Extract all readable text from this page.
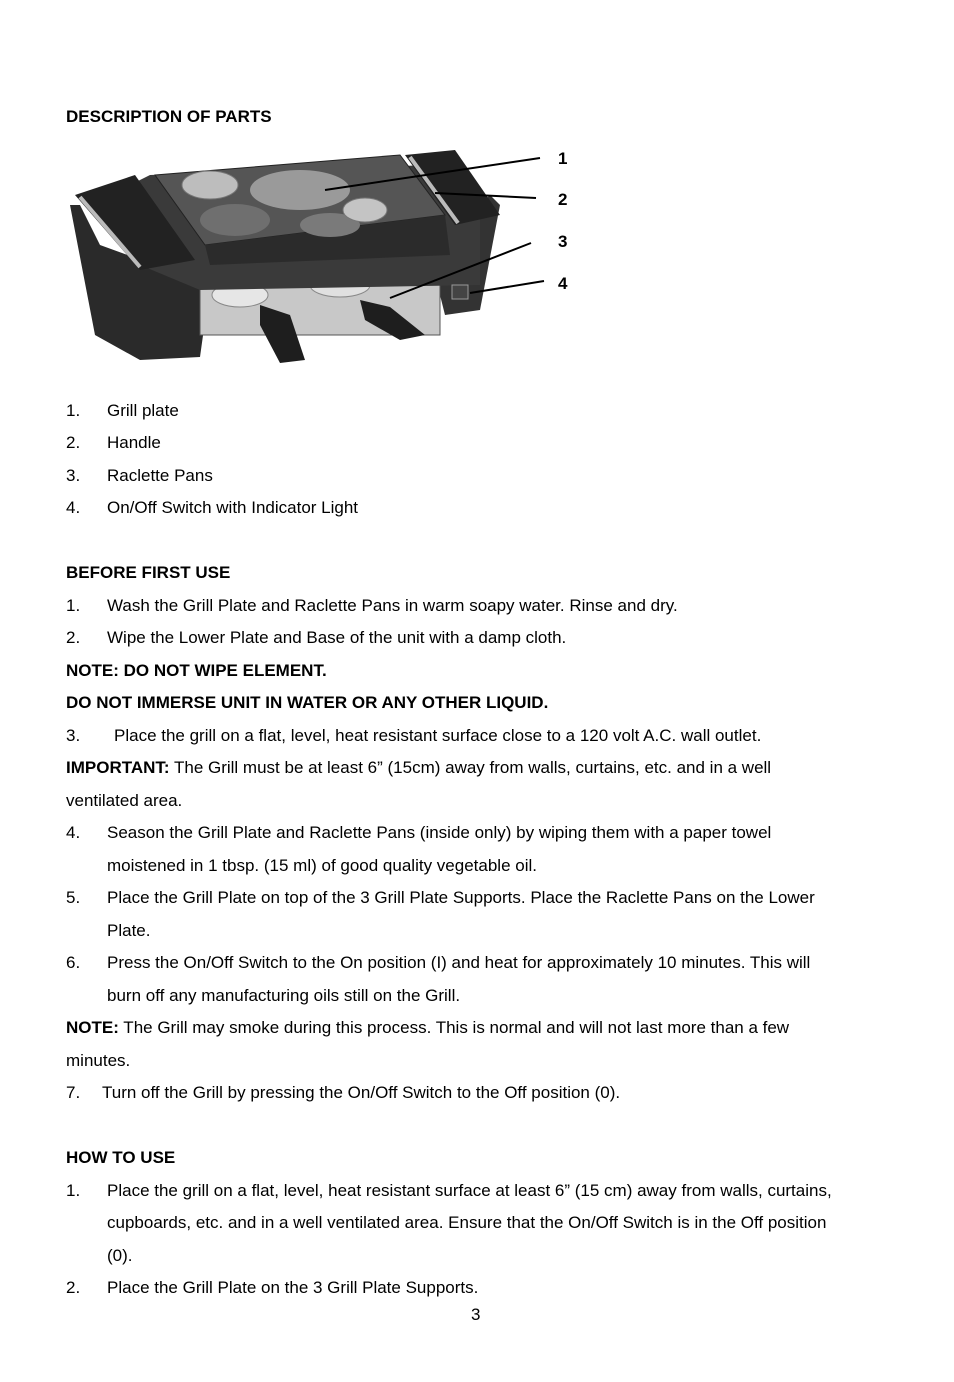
DESCRIPTION OF PARTS
1
2
3
4
1. Grill plate
2. Handle
3. Raclette Pans
4. On/Off Switch with Indicator Light
BEFORE FIRST USE
1. Wash the Grill Plate and Raclette Pans in warm soapy water. Rinse and dry.
2. Wipe the Lower Plate and Base of the unit with a damp cloth.
NOTE: DO NOT WIPE ELEMENT.
DO NOT IMMERSE UNIT IN WATER OR ANY OTHER LIQUID.
3. Place the grill on a flat, level, heat resistant surface close to a 120 volt A.C. wall outlet.
IMPORTANT: The Grill must be at least 6” (15cm) away from walls, curtains, etc. and in a well
ventilated area.
4. Season the Grill Plate and Raclette Pans (inside only) by wiping them with a paper towel
moistened in 1 tbsp. (15 ml) of good quality vegetable oil.
5. Place the Grill Plate on top of the 3 Grill Plate Supports. Place the Raclette Pans on the Lower
Plate.
6. Press the On/Off Switch to the On position (I) and heat for approximately 10 minutes. This will
burn off any manufacturing oils still on the Grill.
NOTE: The Grill may smoke during this process. This is normal and will not last more than a few
minutes.
7. Turn off the Grill by pressing the On/Off Switch to the Off position (0).
HOW TO USE
1. Place the grill on a flat, level, heat resistant surface at least 6” (15 cm) away from walls, curtains,
cupboards, etc. and in a well ventilated area. Ensure that the On/Off Switch is in the Off position
(0).
2. Place the Grill Plate on the 3 Grill Plate Supports.
3
